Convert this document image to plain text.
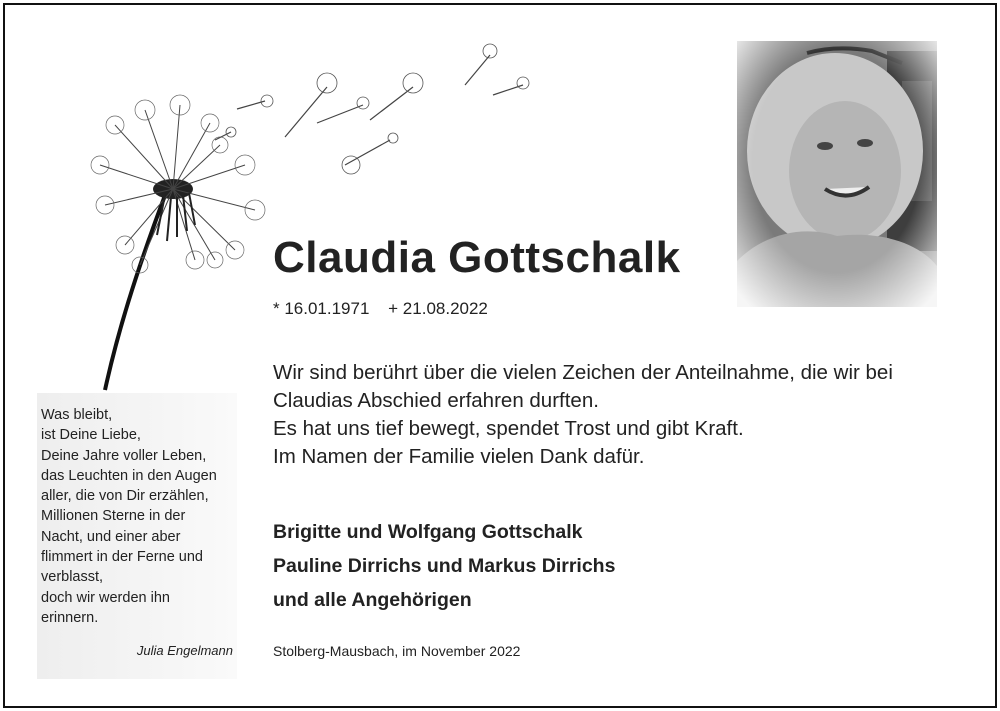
Claudia Gottschalk
* 16.01.1971 + 21.08.2022
Wir sind berührt über die vielen Zeichen der Anteilnahme, die wir bei
Claudias Abschied erfahren durften.
Es hat uns tief bewegt, spendet Trost und gibt Kraft.
Im Namen der Familie vielen Dank dafür.
Brigitte und Wolfgang Gottschalk
Pauline Dirrichs und Markus Dirrichs
und alle Angehörigen
Stolberg-Mausbach, im November 2022
Was bleibt,
ist Deine Liebe,
Deine Jahre voller Leben,
das Leuchten in den Augen
aller, die von Dir erzählen,
Millionen Sterne in der
Nacht, und einer aber
flimmert in der Ferne und
verblasst,
doch wir werden ihn
erinnern.
Julia Engelmann
